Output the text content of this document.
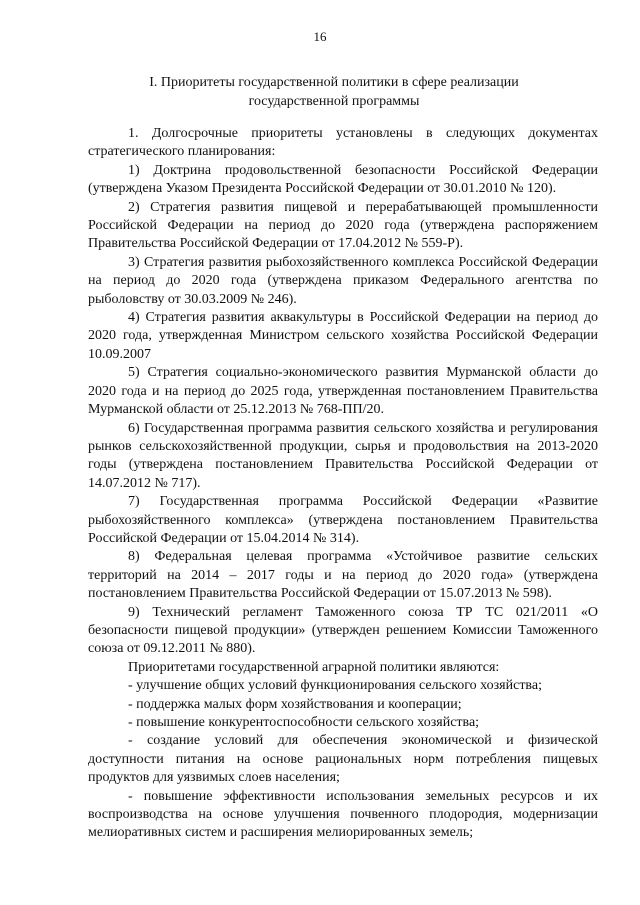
16
I. Приоритеты государственной политики в сфере реализации
государственной программы

1. Долгосрочные приоритеты установлены в следующих документах стратегического планирования:

1) Доктрина продовольственной безопасности Российской Федерации (утверждена Указом Президента Российской Федерации от 30.01.2010 № 120).

2) Стратегия развития пищевой и перерабатывающей промышленности Российской Федерации на период до 2020 года (утверждена распоряжением Правительства Российской Федерации от 17.04.2012 № 559-Р).

3) Стратегия развития рыбохозяйственного комплекса Российской Федерации на период до 2020 года (утверждена приказом Федерального агентства по рыболовству от 30.03.2009 № 246).

4) Стратегия развития аквакультуры в Российской Федерации на период до 2020 года, утвержденная Министром сельского хозяйства Российской Федерации 10.09.2007

5) Стратегия социально-экономического развития Мурманской области до 2020 года и на период до 2025 года, утвержденная постановлением Правительства Мурманской области от 25.12.2013 № 768-ПП/20.

6) Государственная программа развития сельского хозяйства и регулирования рынков сельскохозяйственной продукции, сырья и продовольствия на 2013-2020 годы (утверждена постановлением Правительства Российской Федерации от 14.07.2012 № 717).

7) Государственная программа Российской Федерации «Развитие рыбохозяйственного комплекса» (утверждена постановлением Правительства Российской Федерации от 15.04.2014 № 314).

8) Федеральная целевая программа «Устойчивое развитие сельских территорий на 2014 – 2017 годы и на период до 2020 года» (утверждена постановлением Правительства Российской Федерации от 15.07.2013 № 598).

9) Технический регламент Таможенного союза ТР ТС 021/2011 «О безопасности пищевой продукции» (утвержден решением Комиссии Таможенного союза от 09.12.2011 № 880).

Приоритетами государственной аграрной политики являются:

- улучшение общих условий функционирования сельского хозяйства;

- поддержка малых форм хозяйствования и кооперации;

- повышение конкурентоспособности сельского хозяйства;

- создание условий для обеспечения экономической и физической доступности питания на основе рациональных норм потребления пищевых продуктов для уязвимых слоев населения;

- повышение эффективности использования земельных ресурсов и их воспроизводства на основе улучшения почвенного плодородия, модернизации мелиоративных систем и расширения мелиорированных земель;
